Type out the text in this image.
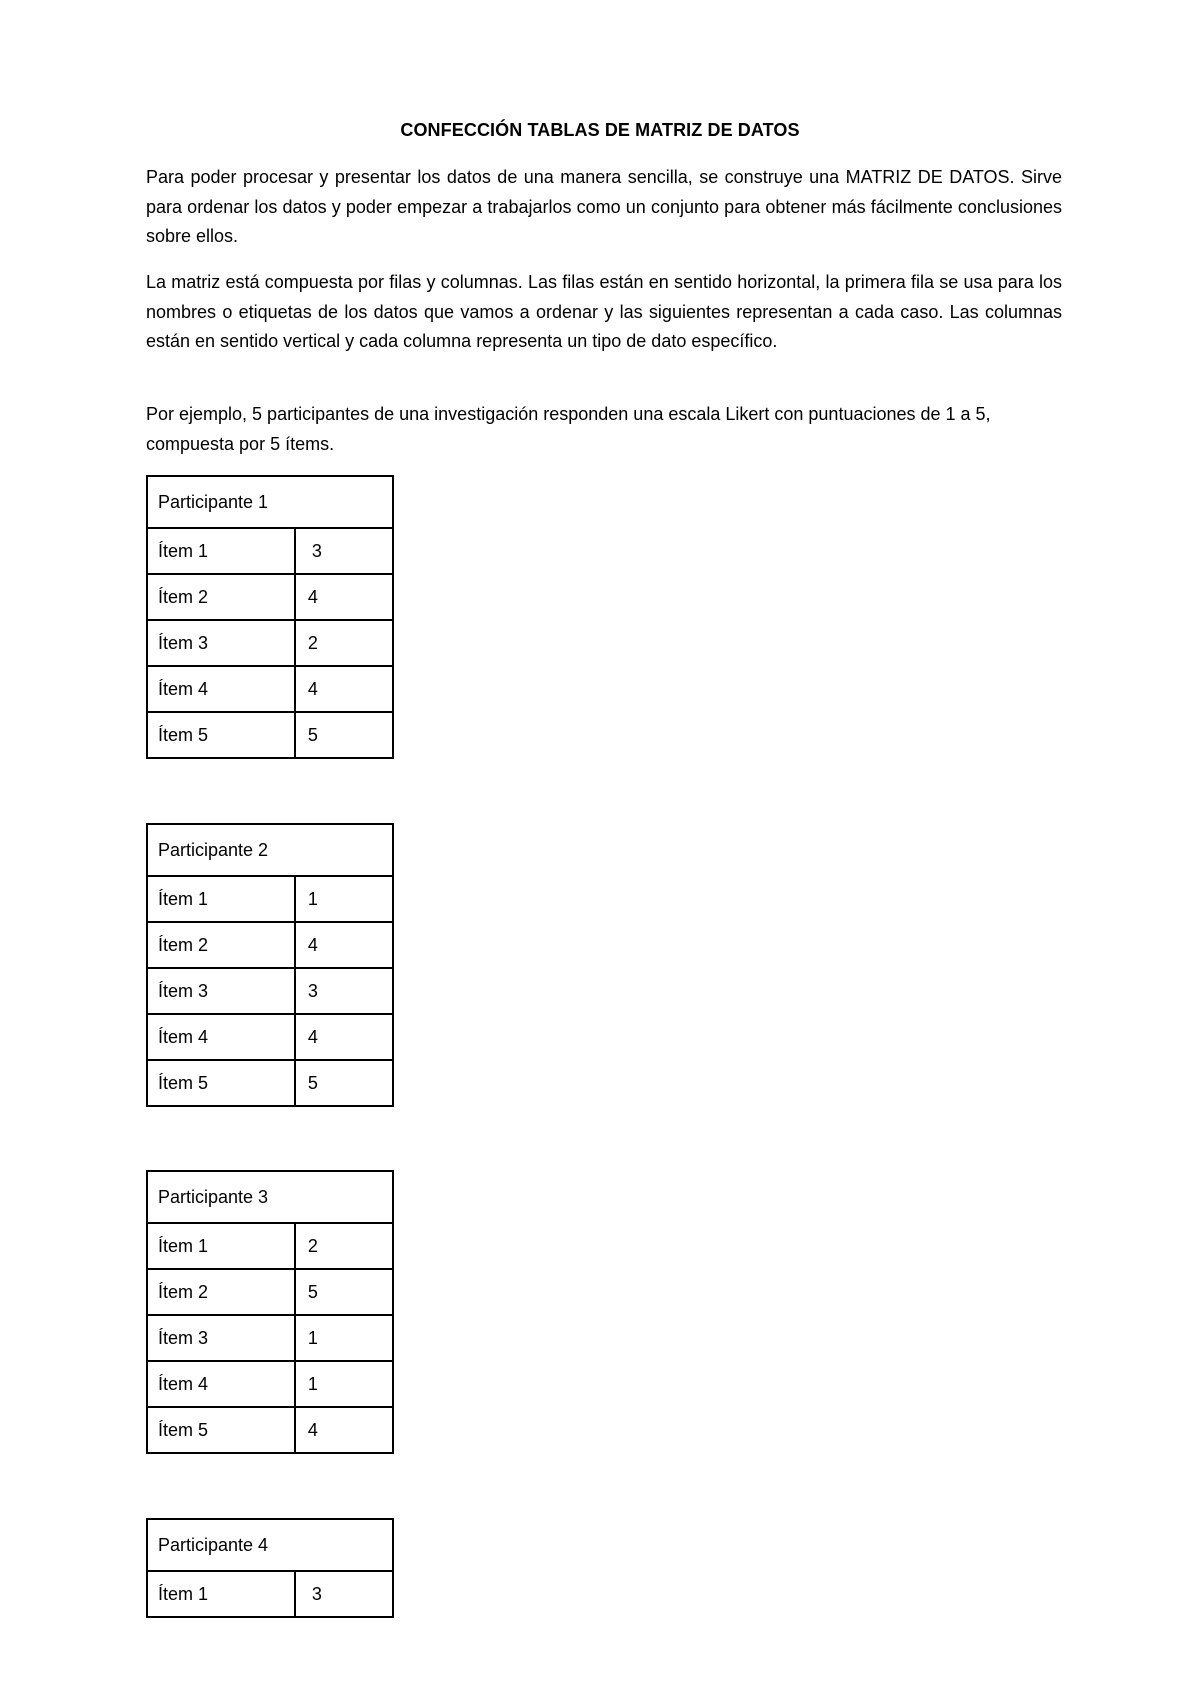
CONFECCIÓN TABLAS DE MATRIZ DE DATOS

Para poder procesar y presentar los datos de una manera sencilla, se construye una MATRIZ DE DATOS. Sirve para ordenar los datos y poder empezar a trabajarlos como un conjunto para obtener más fácilmente conclusiones sobre ellos.

La matriz está compuesta por filas y columnas. Las filas están en sentido horizontal, la primera fila se usa para los nombres o etiquetas de los datos que vamos a ordenar y las siguientes representan a cada caso. Las columnas están en sentido vertical y cada columna representa un tipo de dato específico.

Por ejemplo, 5 participantes de una investigación responden una escala Likert con puntuaciones de 1 a 5, compuesta por 5 ítems.

Participante 1	
Ítem 1	3
Ítem 2	4
Ítem 3	2
Ítem 4	4
Ítem 5	5
Participante 2	
Ítem 1	1
Ítem 2	4
Ítem 3	3
Ítem 4	4
Ítem 5	5
Participante 3	
Ítem 1	2
Ítem 2	5
Ítem 3	1
Ítem 4	1
Ítem 5	4
Participante 4
Ítem 1	3
